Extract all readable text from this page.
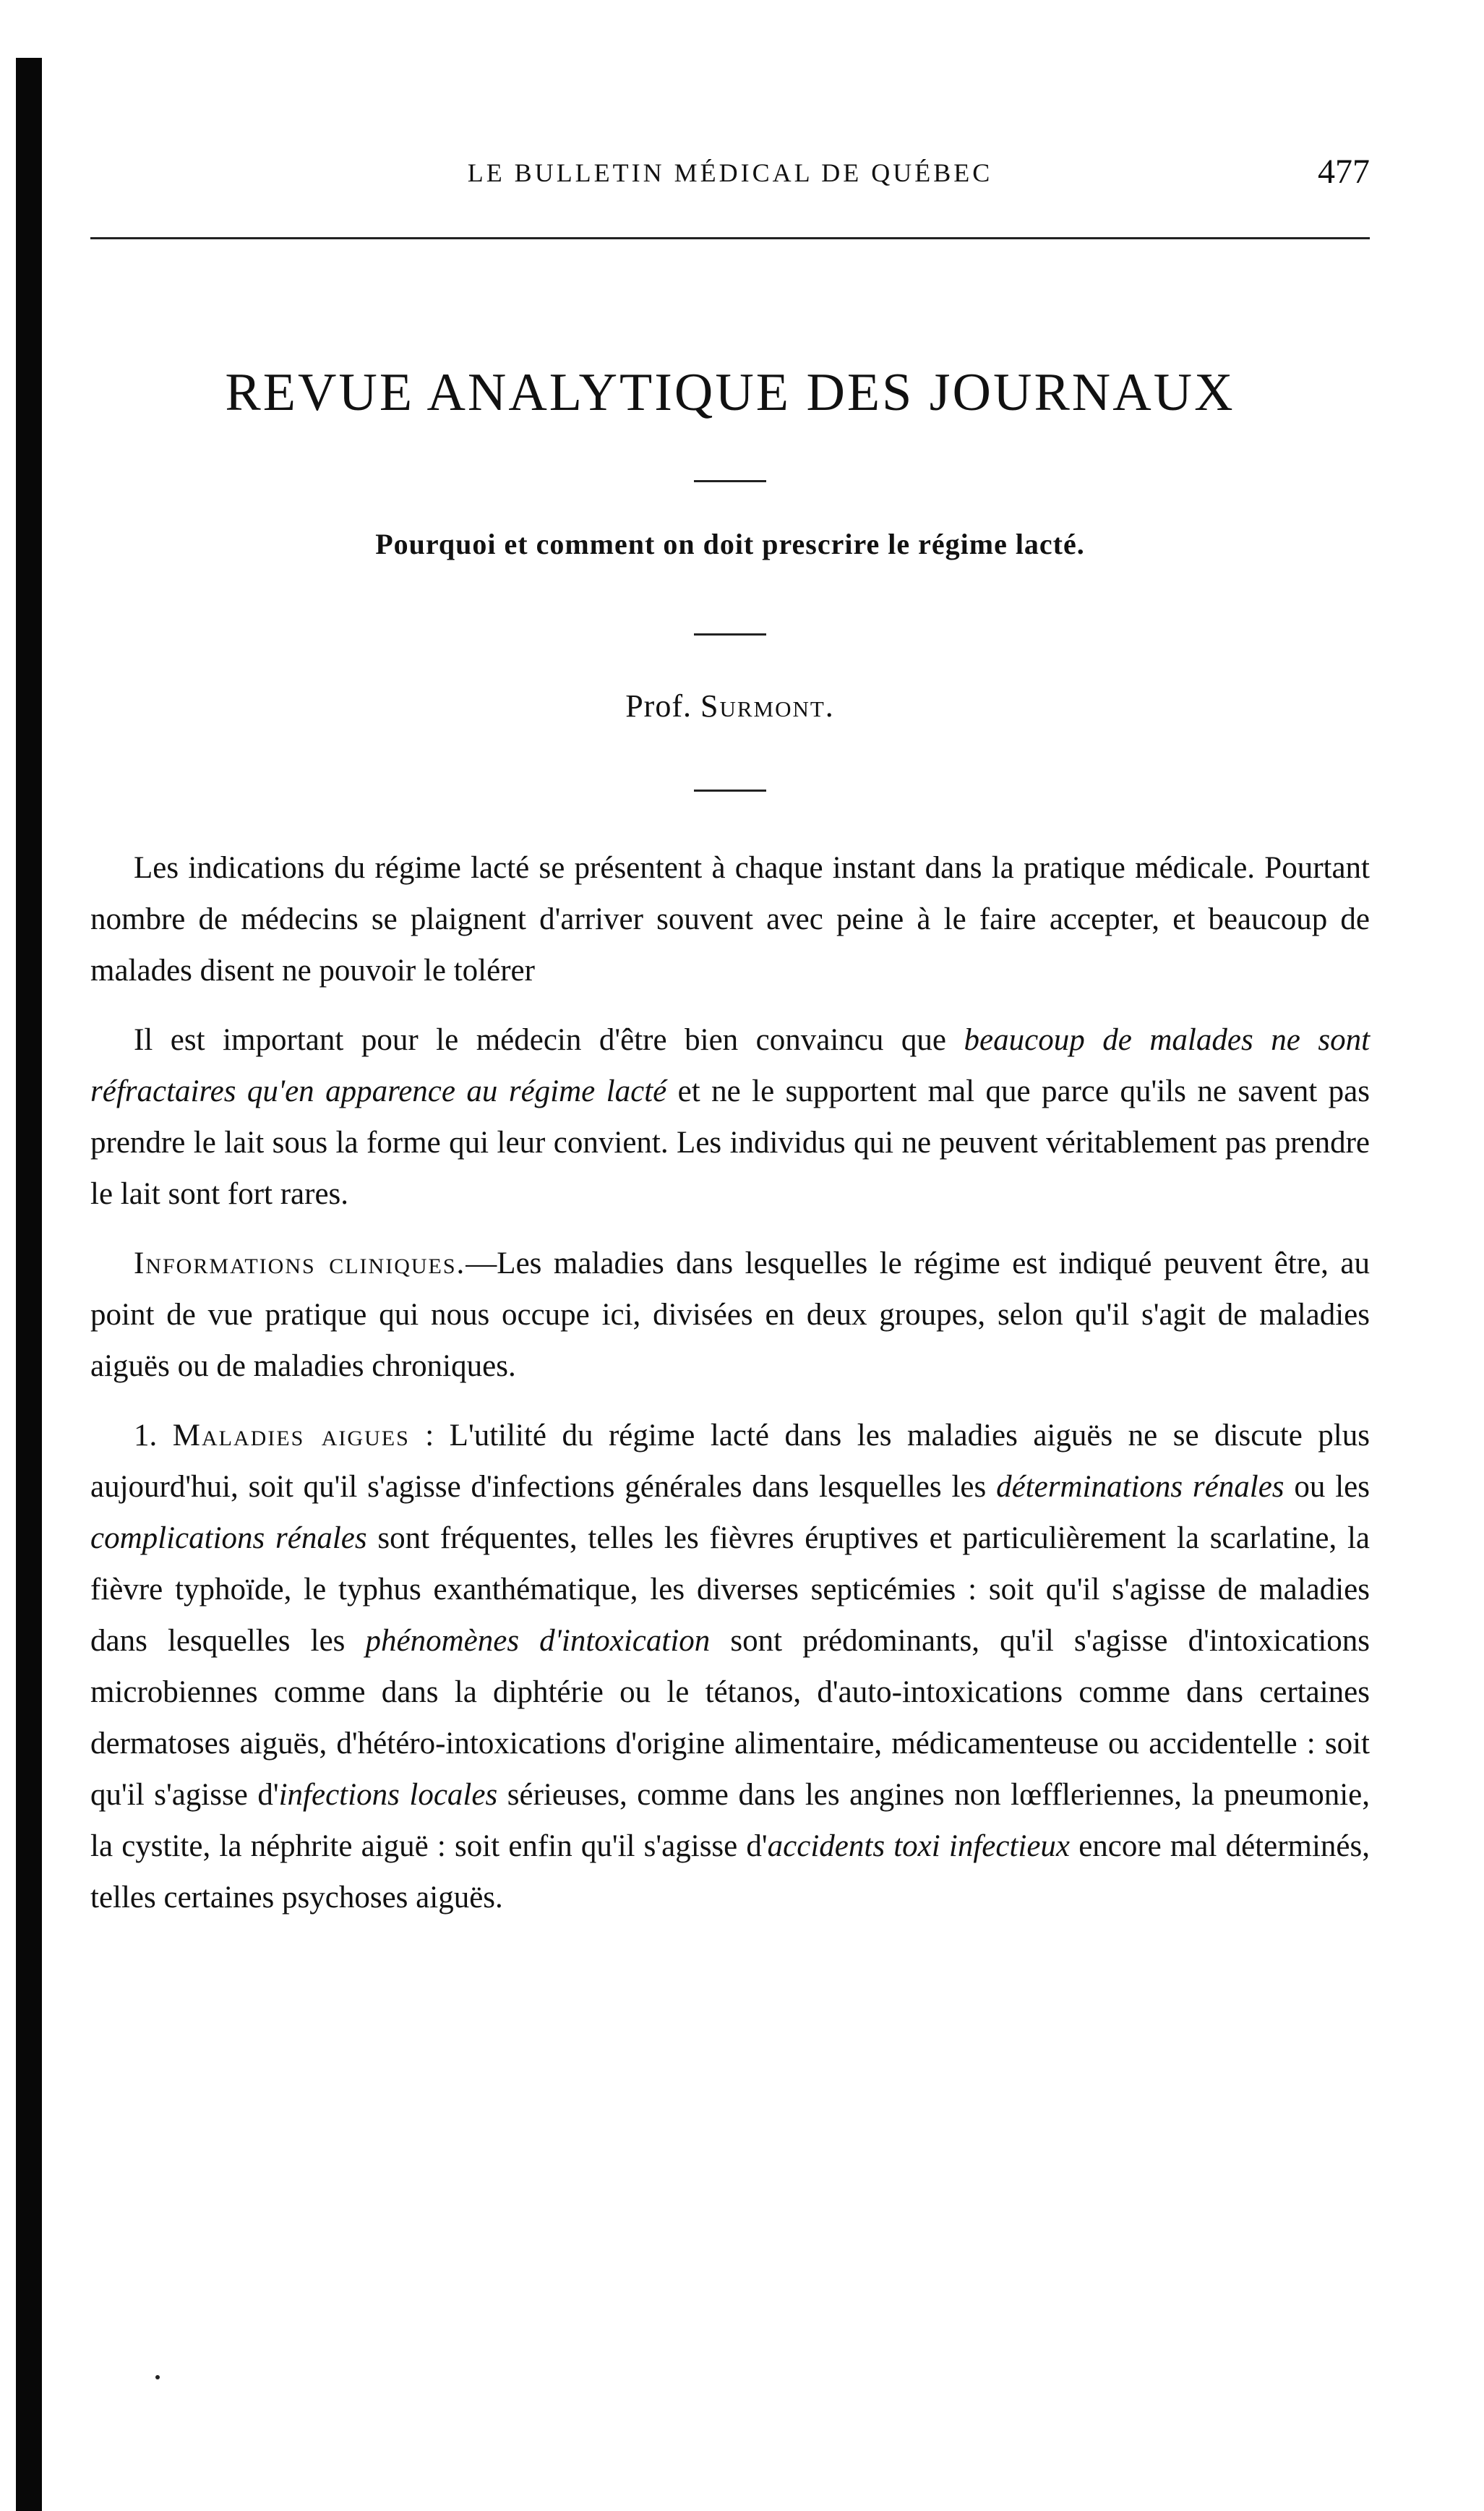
LE BULLETIN MÉDICAL DE QUÉBEC	477
REVUE ANALYTIQUE DES JOURNAUX
Pourquoi et comment on doit prescrire le régime lacté.
Prof. Surmont.

Les indications du régime lacté se présentent à chaque instant dans la pratique médicale. Pourtant nombre de médecins se plaignent d'arriver souvent avec peine à le faire accepter, et beaucoup de malades disent ne pouvoir le tolérer

Il est important pour le médecin d'être bien convaincu que beaucoup de malades ne sont réfractaires qu'en apparence au régime lacté et ne le supportent mal que parce qu'ils ne savent pas prendre le lait sous la forme qui leur convient. Les individus qui ne peuvent véritablement pas prendre le lait sont fort rares.

Informations cliniques.—Les maladies dans lesquelles le régime est indiqué peuvent être, au point de vue pratique qui nous occupe ici, divisées en deux groupes, selon qu'il s'agit de maladies aiguës ou de maladies chroniques.

1. Maladies aigues : L'utilité du régime lacté dans les maladies aiguës ne se discute plus aujourd'hui, soit qu'il s'agisse d'infections générales dans lesquelles les déterminations rénales ou les complications rénales sont fréquentes, telles les fièvres éruptives et particulièrement la scarlatine, la fièvre typhoïde, le typhus exanthématique, les diverses septicémies : soit qu'il s'agisse de maladies dans lesquelles les phénomènes d'intoxication sont prédominants, qu'il s'agisse d'intoxications microbiennes comme dans la diphtérie ou le tétanos, d'auto-intoxications comme dans certaines dermatoses aiguës, d'hétéro-intoxications d'origine alimentaire, médicamenteuse ou accidentelle : soit qu'il s'agisse d'infections locales sérieuses, comme dans les angines non lœffleriennes, la pneumonie, la cystite, la néphrite aiguë : soit enfin qu'il s'agisse d'accidents toxi infectieux encore mal déterminés, telles certaines psychoses aiguës.
